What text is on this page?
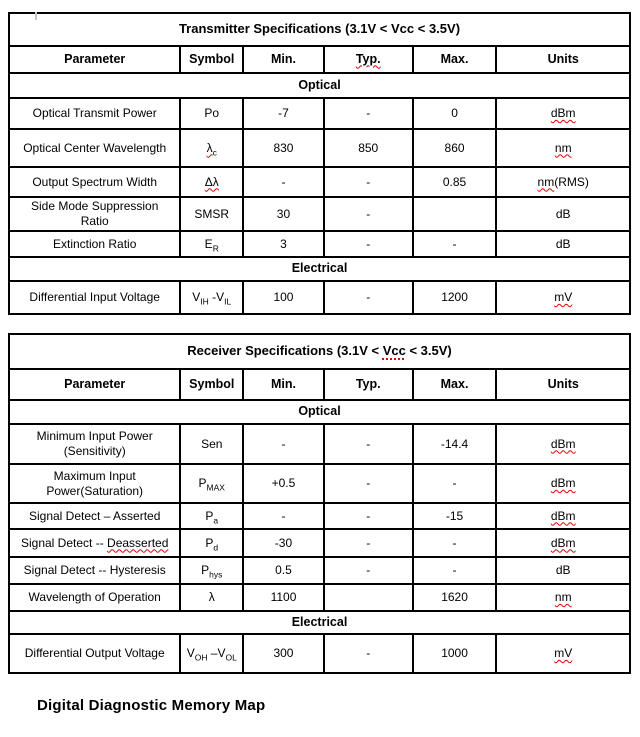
Transmitter Specifications (3.1V < Vcc < 3.5V)					
Parameter	Symbol	Min.	Typ.	Max.	Units
Optical					
Optical Transmit Power	Po	-7	-	0	dBm
Optical Center Wavelength	$\lambda_c$	830	850	860	nm
Output Spectrum Width	Δλ	-	-	0.85	nm(RMS)
Side Mode Suppression
Ratio	SMSR	30	-		dB
Extinction Ratio	$E_R$	3	-	-	dB
Electrical					
Differential Input Voltage	$V_{IH}$ $-V_{IL}$	100	-	1200	mV
Receiver Specifications (3.1V < Vcc < 3.5V)					
Parameter	Symbol	Min.	Typ.	Max.	Units
Optical					
Minimum Input Power
(Sensitivity)	Sen	-	-	-14.4	dBm
Maximum Input
Power(Saturation)	$P_{MAX}$	+0.5	-	-	dBm
Signal Detect – Asserted	$P_a$	-	-	-15	dBm
Signal Detect -- Deasserted	$P_d$	-30	-	-	dBm
Signal Detect -- Hysteresis	$P_{hys}$	0.5	-	-	dB
Wavelength of Operation	λ	1100		1620	nm
Electrical					
Differential Output Voltage	$V_{OH}$ $-V_{OL}$	300	-	1000	mV
Digital Diagnostic Memory Map
